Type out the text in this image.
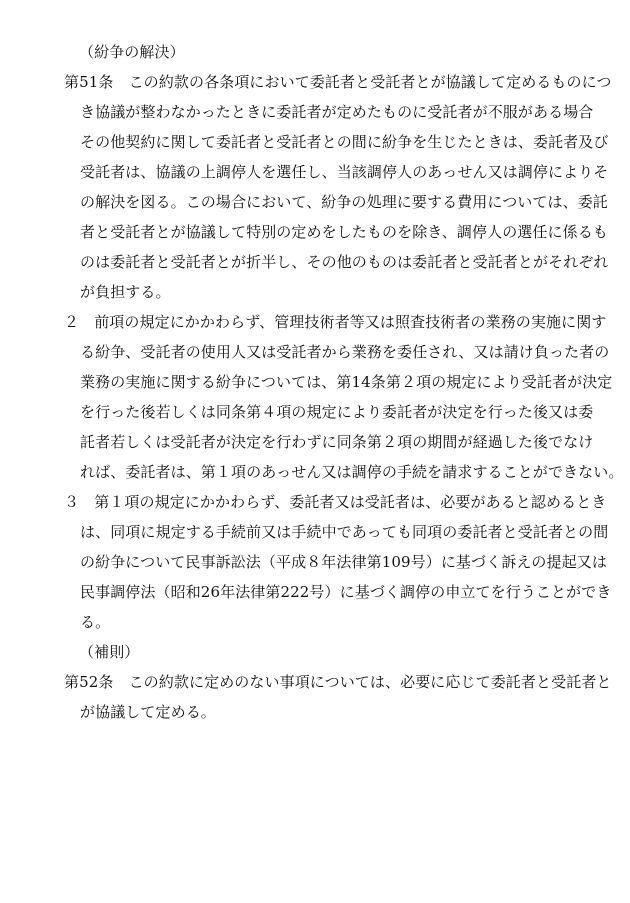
（紛争の解決）
第51条　この約款の各条項において委託者と受託者とが協議して定めるものにつ
き協議が整わなかったときに委託者が定めたものに受託者が不服がある場合
その他契約に関して委託者と受託者との間に紛争を生じたときは、委託者及び
受託者は、協議の上調停人を選任し、当該調停人のあっせん又は調停によりそ
の解決を図る。この場合において、紛争の処理に要する費用については、委託
者と受託者とが協議して特別の定めをしたものを除き、調停人の選任に係るも
のは委託者と受託者とが折半し、その他のものは委託者と受託者とがそれぞれ
が負担する。
２　前項の規定にかかわらず、管理技術者等又は照査技術者の業務の実施に関す
る紛争、受託者の使用人又は受託者から業務を委任され、又は請け負った者の
業務の実施に関する紛争については、第14条第２項の規定により受託者が決定
を行った後若しくは同条第４項の規定により委託者が決定を行った後又は委
託者若しくは受託者が決定を行わずに同条第２項の期間が経過した後でなけ
れば、委託者は、第１項のあっせん又は調停の手続を請求することができない。
３　第１項の規定にかかわらず、委託者又は受託者は、必要があると認めるとき
は、同項に規定する手続前又は手続中であっても同項の委託者と受託者との間
の紛争について民事訴訟法（平成８年法律第109号）に基づく訴えの提起又は
民事調停法（昭和26年法律第222号）に基づく調停の申立てを行うことができ
る。
（補則）
第52条　この約款に定めのない事項については、必要に応じて委託者と受託者と
が協議して定める。
